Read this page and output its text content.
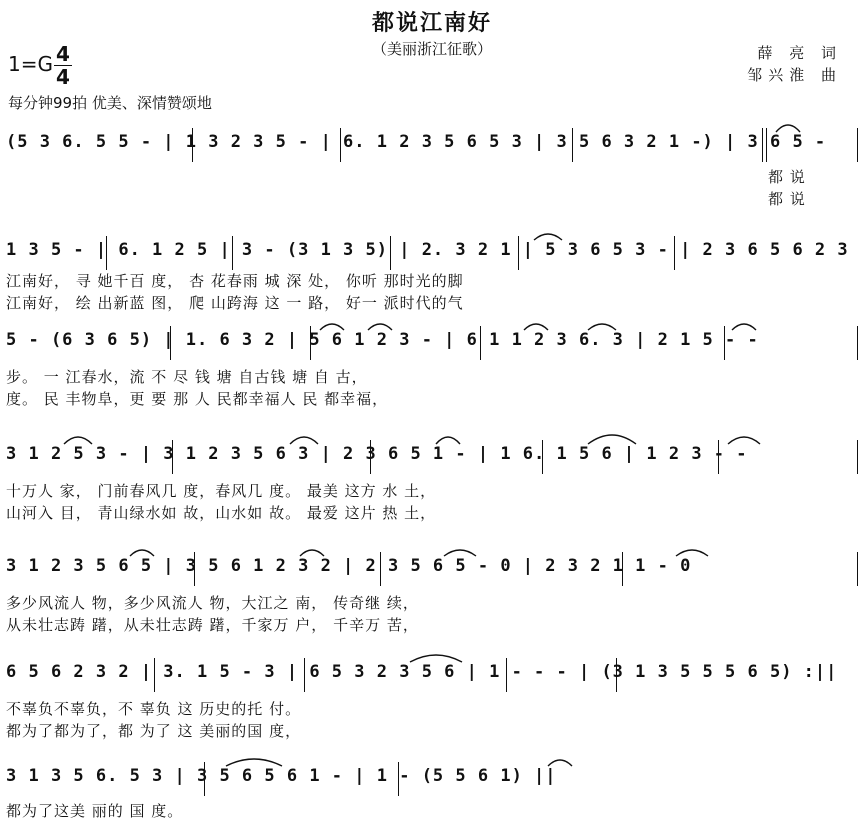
都说江南好
（美丽浙江征歌）
1=G 4
4
薛 亮 词
邹兴淮 曲
每分钟99拍 优美、深情赞颂地
(5 3 6. 5 5 - | 1 3 2 3 5 - | 6. 1 2 3 5 6 5 3 | 3 5 6 3 2 1 -) | 3 6 5 -
都 说
都 说
1 3 5 - | 6. 1 2 5 | 3 - (3 1 3 5) | 2. 3 2 1 | 5 3 6 5 3 - | 2 3 6 5 6 2 3
江南好， 寻 她千百 度， 杏 花春雨 城 深 处， 你听 那时光的脚
江南好， 绘 出新蓝 图， 爬 山跨海 这 一 路， 好一 派时代的气
5 - (6 3 6 5) | 1. 6 3 2 | 5 6 1 2 3 - | 6 1 1 2 3 6. 3 | 2 1 5 - -
步。 一 江春水，流 不 尽 钱 塘 自古钱 塘 自 古，
度。 民 丰物阜，更 要 那 人 民都幸福人 民 都幸福，
3 1 2 5 3 - | 3 1 2 3 5 6 3 | 2 3 6 5 1 - | 1 6. 1 5 6 | 1 2 3 - -
十万人 家， 门前春风几 度，春风几 度。 最美 这方 水 土，
山河入 目， 青山绿水如 故，山水如 故。 最爱 这片 热 土，
3 1 2 3 5 6 5 | 3 5 6 1 2 3 2 | 2 3 5 6 5 - 0 | 2 3 2 1 1 - 0
多少风流人 物，多少风流人 物，大江之 南， 传奇继 续，
从未壮志踌 躇，从未壮志踌 躇，千家万 户， 千辛万 苦，
6 5 6 2 3 2 | 3. 1 5 - 3 | 6 5 3 2 3 5 6 | 1 - - - | (3 1 3 5 5 5 6 5) :||
不辜负不辜负，不 辜负 这 历史的托 付。
都为了都为了，都 为了 这 美丽的国 度，
3 1 3 5 6. 5 3 | 3 5 6 5 6 1 - | 1 - (5 5 6 1) ||
都为了这美 丽的 国 度。
